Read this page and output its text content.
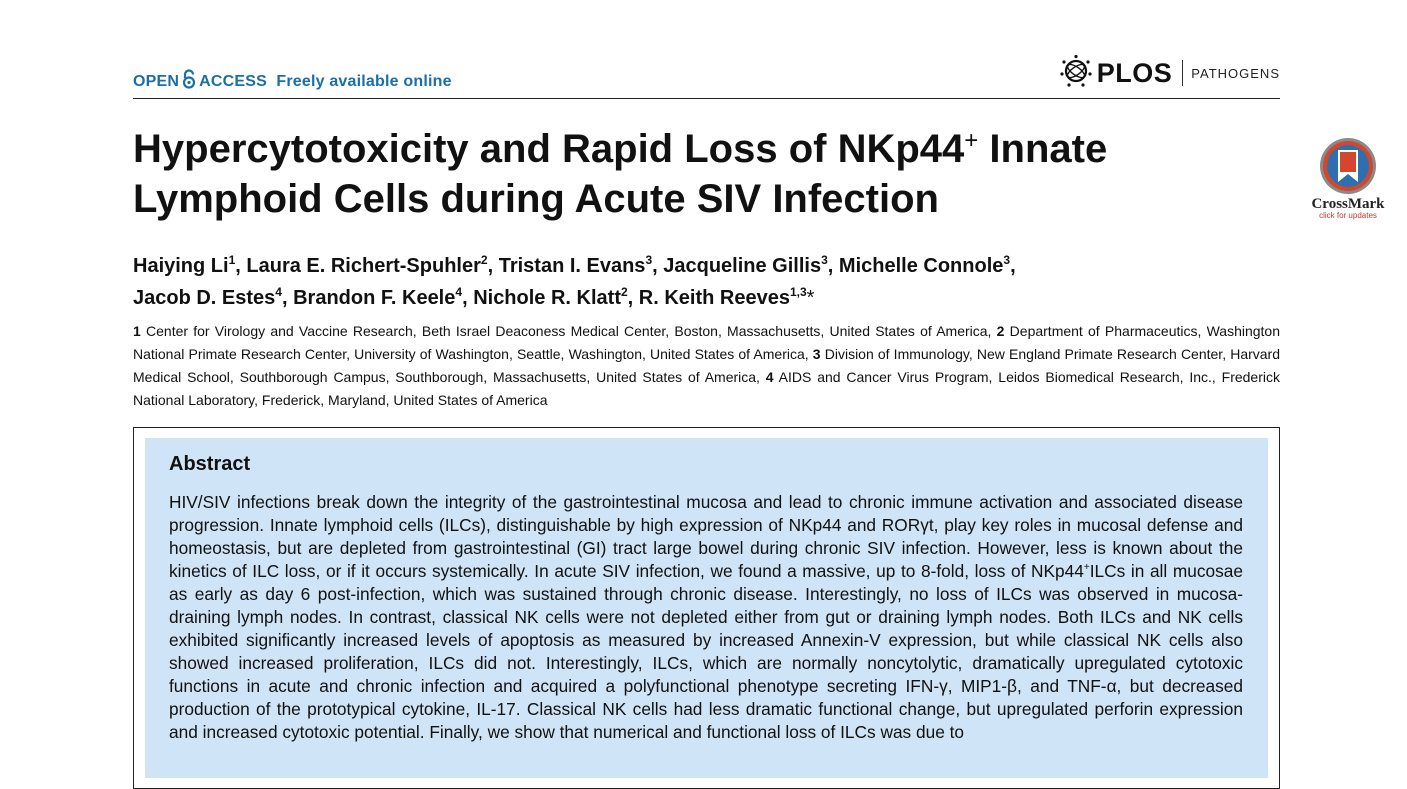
OPEN ACCESS Freely available online	PLOS PATHOGENS
Hypercytotoxicity and Rapid Loss of NKp44+ Innate Lymphoid Cells during Acute SIV Infection	CrossMark
click for updates
Haiying Li$^1$, Laura E. Richert-Spuhler$^2$, Tristan I. Evans$^3$, Jacqueline Gillis$^3$, Michelle Connole$^3$,
Jacob D. Estes$^4$, Brandon F. Keele$^4$, Nichole R. Klatt$^2$, R. Keith Reeves$^{1,3}$*
1 Center for Virology and Vaccine Research, Beth Israel Deaconess Medical Center, Boston, Massachusetts, United States of America, 2 Department of Pharmaceutics, Washington National Primate Research Center, University of Washington, Seattle, Washington, United States of America, 3 Division of Immunology, New England Primate Research Center, Harvard Medical School, Southborough Campus, Southborough, Massachusetts, United States of America, 4 AIDS and Cancer Virus Program, Leidos Biomedical Research, Inc., Frederick National Laboratory, Frederick, Maryland, United States of America
Abstract
HIV/SIV infections break down the integrity of the gastrointestinal mucosa and lead to chronic immune activation and associated disease progression. Innate lymphoid cells (ILCs), distinguishable by high expression of NKp44 and RORγt, play key roles in mucosal defense and homeostasis, but are depleted from gastrointestinal (GI) tract large bowel during chronic SIV infection. However, less is known about the kinetics of ILC loss, or if it occurs systemically. In acute SIV infection, we found a massive, up to 8-fold, loss of NKp44+ILCs in all mucosae as early as day 6 post-infection, which was sustained through chronic disease. Interestingly, no loss of ILCs was observed in mucosa-draining lymph nodes. In contrast, classical NK cells were not depleted either from gut or draining lymph nodes. Both ILCs and NK cells exhibited significantly increased levels of apoptosis as measured by increased Annexin-V expression, but while classical NK cells also showed increased proliferation, ILCs did not. Interestingly, ILCs, which are normally noncytolytic, dramatically upregulated cytotoxic functions in acute and chronic infection and acquired a polyfunctional phenotype secreting IFN-γ, MIP1-β, and TNF-α, but decreased production of the prototypical cytokine, IL-17. Classical NK cells had less dramatic functional change, but upregulated perforin expression and increased cytotoxic potential. Finally, we show that numerical and functional loss of ILCs was due to
